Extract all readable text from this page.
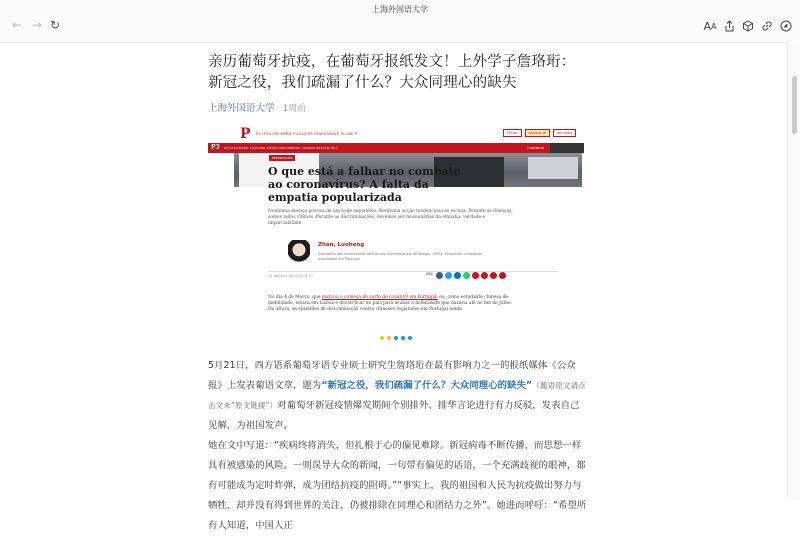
上海外国语大学
← → ↻	A A
亲历葡萄牙抗疫，在葡萄牙报纸发文！上外学子詹珞珩：新冠之役，我们疏漏了什么？大众同理心的缺失
上海外国语大学 1周前
P P2 ÍPSILON IMPAR FUGAS P3 CINECARTAZ CLUBE P	Entrar	Assinar já	Ver mais
P3 ACTUALIDADE CULTURA VÍDEO MULTIMÉDIA CIDADE REGIÃO P&T	P PREMIUM
REPORTAGEM
O que está a falhar no combate ao coronavírus? A falta da empatia popularizada
Nenhuma doença precisa de um bode expiatório. Nenhuma acção tendenciosa se escusa. Perante as doenças, somos todos vítimas. Perante as discriminações, devemos ser missionários da empatia, verdade e imparcialidade.
Zhan, Luoheng
Estudante da Universidade de Estudos Internacionais de Xangai, China. Estudante chinesa de mobilidade em Portugal.
21 de Maio de 2020, 6:27	264
No dia 4 de Março, que marcou o começo do surto de covid-19 em Portugal, eu, como estudante chinesa de mobilidade, estava em Lisboa e decidi ficar no país para acabar a mobilidade que duraria até ao fim de Julho. Na altura, os episódios de discriminação contra chineses registados em Portugal ainda

5月21日，西方语系葡萄牙语专业硕士研究生詹珞珩在最有影响力之一的报纸媒体《公众报》上发表葡语文章，题为“新冠之役，我们疏漏了什么？大众同理心的缺失”（葡语原文请点击文末“原文链接”）对葡萄牙新冠疫情爆发期间个别排外、排华言论进行有力反驳，发表自己见解，为祖国发声。

她在文中写道：“疾病终将消失，但扎根于心的偏见难除。新冠病毒不断传播，而思想一样具有被感染的风险。一则误导大众的新闻，一句带有偏见的话语，一个充满歧视的眼神，都有可能成为定时炸弹，成为团结抗疫的阻碍。”“事实上，我的祖国和人民为抗疫做出努力与牺牲，却并没有得到世界的关注，仍被排除在同理心和团结力之外”。她进而呼吁：“希望所有人知道，中国人正
